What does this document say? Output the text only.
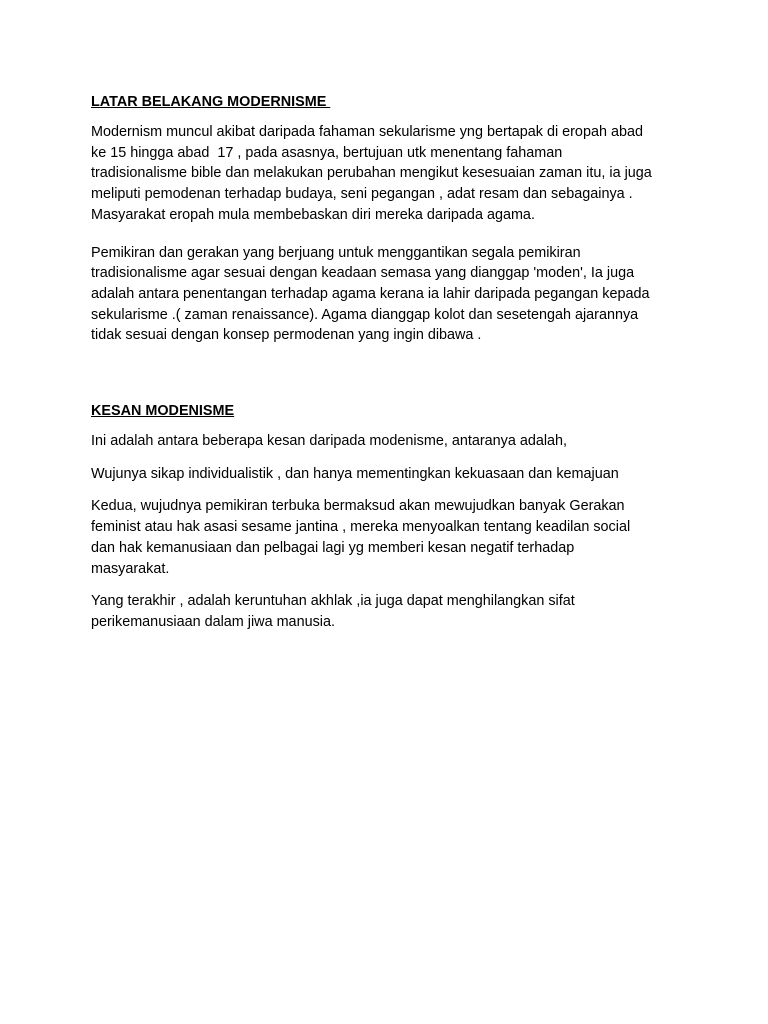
LATAR BELAKANG MODERNISME

Modernism muncul akibat daripada fahaman sekularisme yng bertapak di eropah abad
ke 15 hingga abad  17 , pada asasnya, bertujuan utk menentang fahaman
tradisionalisme bible dan melakukan perubahan mengikut kesesuaian zaman itu, ia juga
meliputi pemodenan terhadap budaya, seni pegangan , adat resam dan sebagainya .
Masyarakat eropah mula membebaskan diri mereka daripada agama.

Pemikiran dan gerakan yang berjuang untuk menggantikan segala pemikiran
tradisionalisme agar sesuai dengan keadaan semasa yang dianggap 'moden', Ia juga
adalah antara penentangan terhadap agama kerana ia lahir daripada pegangan kepada
sekularisme .( zaman renaissance). Agama dianggap kolot dan sesetengah ajarannya
tidak sesuai dengan konsep permodenan yang ingin dibawa .

KESAN MODENISME

Ini adalah antara beberapa kesan daripada modenisme, antaranya adalah,

Wujunya sikap individualistik , dan hanya mementingkan kekuasaan dan kemajuan

Kedua, wujudnya pemikiran terbuka bermaksud akan mewujudkan banyak Gerakan
feminist atau hak asasi sesame jantina , mereka menyoalkan tentang keadilan social
dan hak kemanusiaan dan pelbagai lagi yg memberi kesan negatif terhadap
masyarakat.

Yang terakhir , adalah keruntuhan akhlak ,ia juga dapat menghilangkan sifat
perikemanusiaan dalam jiwa manusia.
